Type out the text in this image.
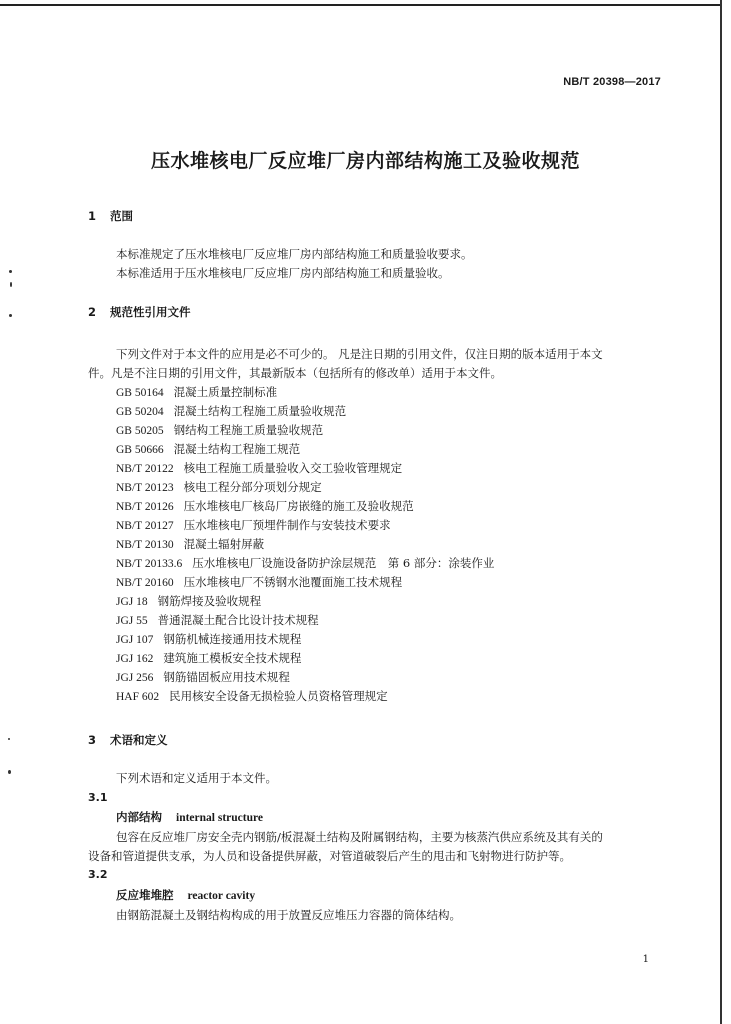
NB/T 20398—2017
压水堆核电厂反应堆厂房内部结构施工及验收规范
1 范围
本标准规定了压水堆核电厂反应堆厂房内部结构施工和质量验收要求。
本标准适用于压水堆核电厂反应堆厂房内部结构施工和质量验收。
2 规范性引用文件
下列文件对于本文件的应用是必不可少的。 凡是注日期的引用文件，仅注日期的版本适用于本文
件。凡是不注日期的引用文件，其最新版本（包括所有的修改单）适用于本文件。
GB 50164 混凝土质量控制标准
GB 50204 混凝土结构工程施工质量验收规范
GB 50205 钢结构工程施工质量验收规范
GB 50666 混凝土结构工程施工规范
NB/T 20122 核电工程施工质量验收入交工验收管理规定
NB/T 20123 核电工程分部分项划分规定
NB/T 20126 压水堆核电厂核岛厂房嵌缝的施工及验收规范
NB/T 20127 压水堆核电厂预埋件制作与安装技术要求
NB/T 20130 混凝土辐射屏蔽
NB/T 20133.6 压水堆核电厂设施设备防护涂层规范　第 6 部分：涂装作业
NB/T 20160 压水堆核电厂不锈钢水池覆面施工技术规程
JGJ 18 钢筋焊接及验收规程
JGJ 55 普通混凝土配合比设计技术规程
JGJ 107 钢筋机械连接通用技术规程
JGJ 162 建筑施工模板安全技术规程
JGJ 256 钢筋锚固板应用技术规程
HAF 602 民用核安全设备无损检验人员资格管理规定
3 术语和定义
下列术语和定义适用于本文件。
3.1
内部结构 internal structure
包容在反应堆厂房安全壳内钢筋/板混凝土结构及附属钢结构，主要为核蒸汽供应系统及其有关的
设备和管道提供支承，为人员和设备提供屏蔽，对管道破裂后产生的甩击和飞射物进行防护等。
3.2
反应堆堆腔 reactor cavity
由钢筋混凝土及钢结构构成的用于放置反应堆压力容器的筒体结构。
1
